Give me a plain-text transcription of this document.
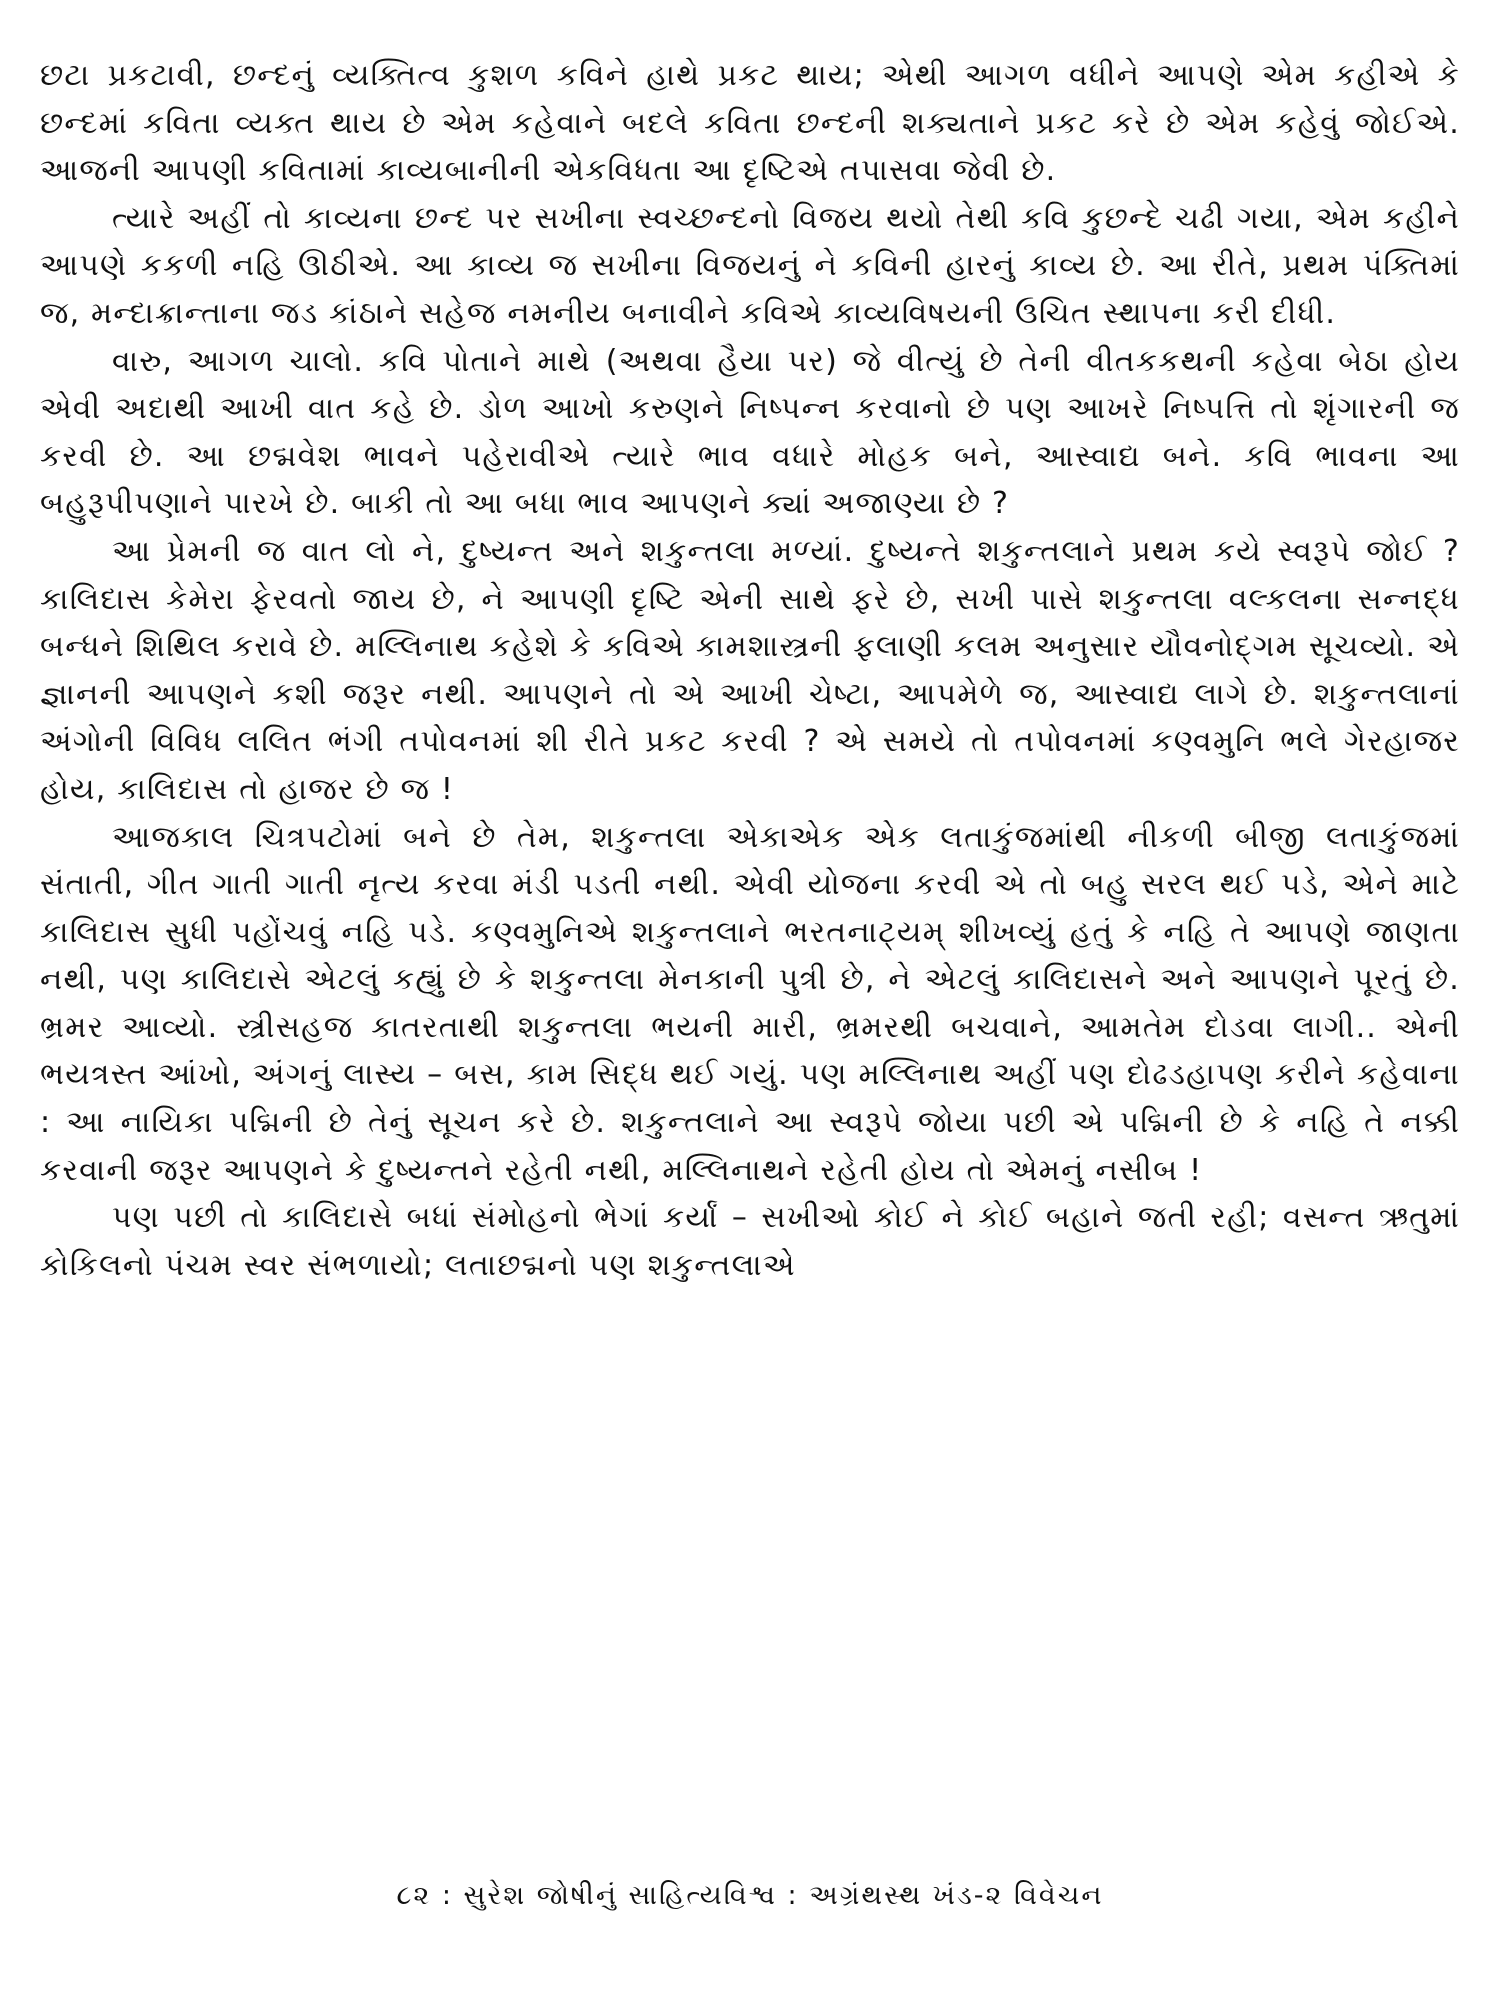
છટા પ્રકટાવી, છન્દનું વ્યક્તિત્વ કુશળ કવિને હાથે પ્રકટ થાય; એથી આગળ વધીને આપણે એમ કહીએ કે છન્દમાં કવિતા વ્યક્ત થાય છે એમ કહેવાને બદલે કવિતા છન્દની શક્યતાને પ્રકટ કરે છે એમ કહેવું જોઈએ. આજની આપણી કવિતામાં કાવ્યબાનીની એકવિધતા આ દૃષ્ટિએ તપાસવા જેવી છે.

ત્યારે અહીં તો કાવ્યના છન્દ પર સખીના સ્વચ્છન્દનો વિજય થયો તેથી કવિ કુછન્દે ચઢી ગયા, એમ કહીને આપણે કકળી નહિ ઊઠીએ. આ કાવ્ય જ સખીના વિજયનું ને કવિની હારનું કાવ્ય છે. આ રીતે, પ્રથમ પંક્તિમાં જ, મન્દાક્રાન્તાના જડ કાંઠાને સહેજ નમનીય બનાવીને કવિએ કાવ્યવિષયની ઉચિત સ્થાપના કરી દીધી.

વારુ, આગળ ચાલો. કવિ પોતાને માથે (અથવા હૈયા પર) જે વીત્યું છે તેની વીતકકથની કહેવા બેઠા હોય એવી અદાથી આખી વાત કહે છે. ડોળ આખો કરુણને નિષ્પન્ન કરવાનો છે પણ આખરે નિષ્પત્તિ તો શૃંગારની જ કરવી છે. આ છદ્મવેશ ભાવને પહેરાવીએ ત્યારે ભાવ વધારે મોહક બને, આસ્વાદ્ય બને. કવિ ભાવના આ બહુરૂપીપણાને પારખે છે. બાકી તો આ બધા ભાવ આપણને ક્યાં અજાણ્યા છે ?

આ પ્રેમની જ વાત લો ને, દુષ્યન્ત અને શકુન્તલા મળ્યાં. દુષ્યન્તે શકુન્તલાને પ્રથમ કયે સ્વરૂપે જોઈ ? કાલિદાસ કેમેરા ફેરવતો જાય છે, ને આપણી દૃષ્ટિ એની સાથે ફરે છે, સખી પાસે શકુન્તલા વલ્કલના સન્નદ્ધ બન્ધને શિથિલ કરાવે છે. મલ્લિનાથ કહેશે કે કવિએ કામશાસ્ત્રની ફલાણી કલમ અનુસાર યૌવનોદ્ગમ સૂચવ્યો. એ જ્ઞાનની આપણને કશી જરૂર નથી. આપણને તો એ આખી ચેષ્ટા, આપમેળે જ, આસ્વાદ્ય લાગે છે. શકુન્તલાનાં અંગોની વિવિધ લલિત ભંગી તપોવનમાં શી રીતે પ્રકટ કરવી ? એ સમયે તો તપોવનમાં કણ્વમુનિ ભલે ગેરહાજર હોય, કાલિદાસ તો હાજર છે જ !

આજકાલ ચિત્રપટોમાં બને છે તેમ, શકુન્તલા એકાએક એક લતાકુંજમાંથી નીકળી બીજી લતાકુંજમાં સંતાતી, ગીત ગાતી ગાતી નૃત્ય કરવા મંડી પડતી નથી. એવી યોજના કરવી એ તો બહુ સરલ થઈ પડે, એને માટે કાલિદાસ સુધી પહોંચવું નહિ પડે. કણ્વમુનિએ શકુન્તલાને ભરતનાટ્યમ્ શીખવ્યું હતું કે નહિ તે આપણે જાણતા નથી, પણ કાલિદાસે એટલું કહ્યું છે કે શકુન્તલા મેનકાની પુત્રી છે, ને એટલું કાલિદાસને અને આપણને પૂરતું છે. ભ્રમર આવ્યો. સ્ત્રીસહજ કાતરતાથી શકુન્તલા ભયની મારી, ભ્રમરથી બચવાને, આમતેમ દોડવા લાગી.. એની ભયત્રસ્ત આંખો, અંગનું લાસ્ય – બસ, કામ સિદ્ધ થઈ ગયું. પણ મલ્લિનાથ અહીં પણ દોઢડહાપણ કરીને કહેવાના : આ નાયિકા પદ્મિની છે તેનું સૂચન કરે છે. શકુન્તલાને આ સ્વરૂપે જોયા પછી એ પદ્મિની છે કે નહિ તે નક્કી કરવાની જરૂર આપણને કે દુષ્યન્તને રહેતી નથી, મલ્લિનાથને રહેતી હોય તો એમનું નસીબ !

પણ પછી તો કાલિદાસે બધાં સંમોહનો ભેગાં કર્યાં – સખીઓ કોઈ ને કોઈ બહાને જતી રહી; વસન્ત ઋતુમાં કોકિલનો પંચમ સ્વર સંભળાયો; લતાછદ્મનો પણ શકુન્તલાએ

૮૨ : સુરેશ જોષીનું સાહિત્યવિશ્વ : અગ્રંથસ્થ ખંડ-૨ વિવેચન
